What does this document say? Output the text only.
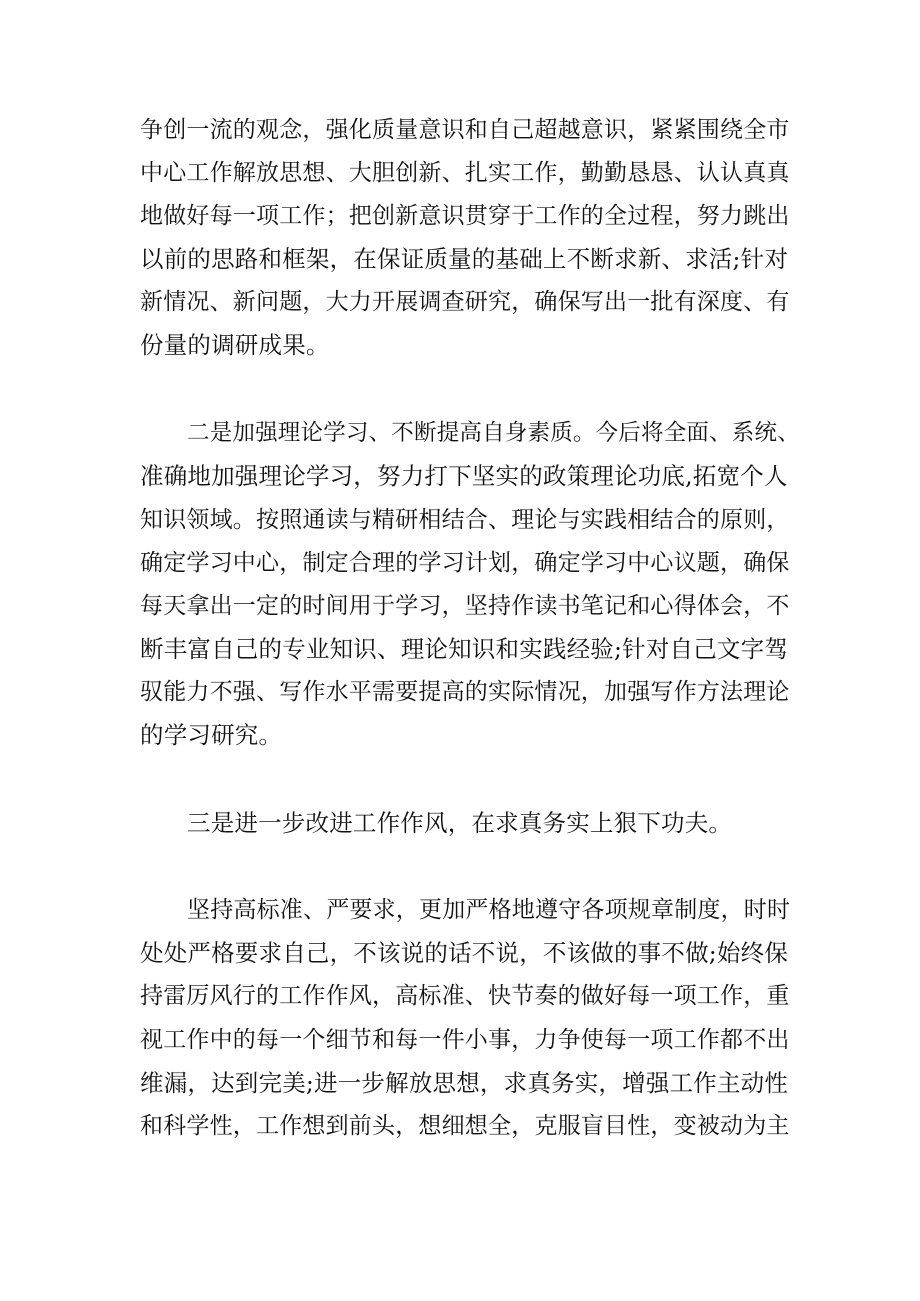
争创一流的观念，强化质量意识和自己超越意识，紧紧围绕全市
中心工作解放思想、大胆创新、扎实工作，勤勤恳恳、认认真真
地做好每一项工作；把创新意识贯穿于工作的全过程，努力跳出
以前的思路和框架，在保证质量的基础上不断求新、求活;针对
新情况、新问题，大力开展调查研究，确保写出一批有深度、有
份量的调研成果。
二是加强理论学习、不断提高自身素质。今后将全面、系统、
准确地加强理论学习，努力打下坚实的政策理论功底,拓宽个人
知识领域。按照通读与精研相结合、理论与实践相结合的原则，
确定学习中心，制定合理的学习计划，确定学习中心议题，确保
每天拿出一定的时间用于学习，坚持作读书笔记和心得体会，不
断丰富自己的专业知识、理论知识和实践经验;针对自己文字驾
驭能力不强、写作水平需要提高的实际情况，加强写作方法理论
的学习研究。
三是进一步改进工作作风，在求真务实上狠下功夫。
坚持高标准、严要求，更加严格地遵守各项规章制度，时时
处处严格要求自己，不该说的话不说，不该做的事不做;始终保
持雷厉风行的工作作风，高标准、快节奏的做好每一项工作，重
视工作中的每一个细节和每一件小事，力争使每一项工作都不出
维漏，达到完美;进一步解放思想，求真务实，增强工作主动性
和科学性，工作想到前头，想细想全，克服盲目性，变被动为主
